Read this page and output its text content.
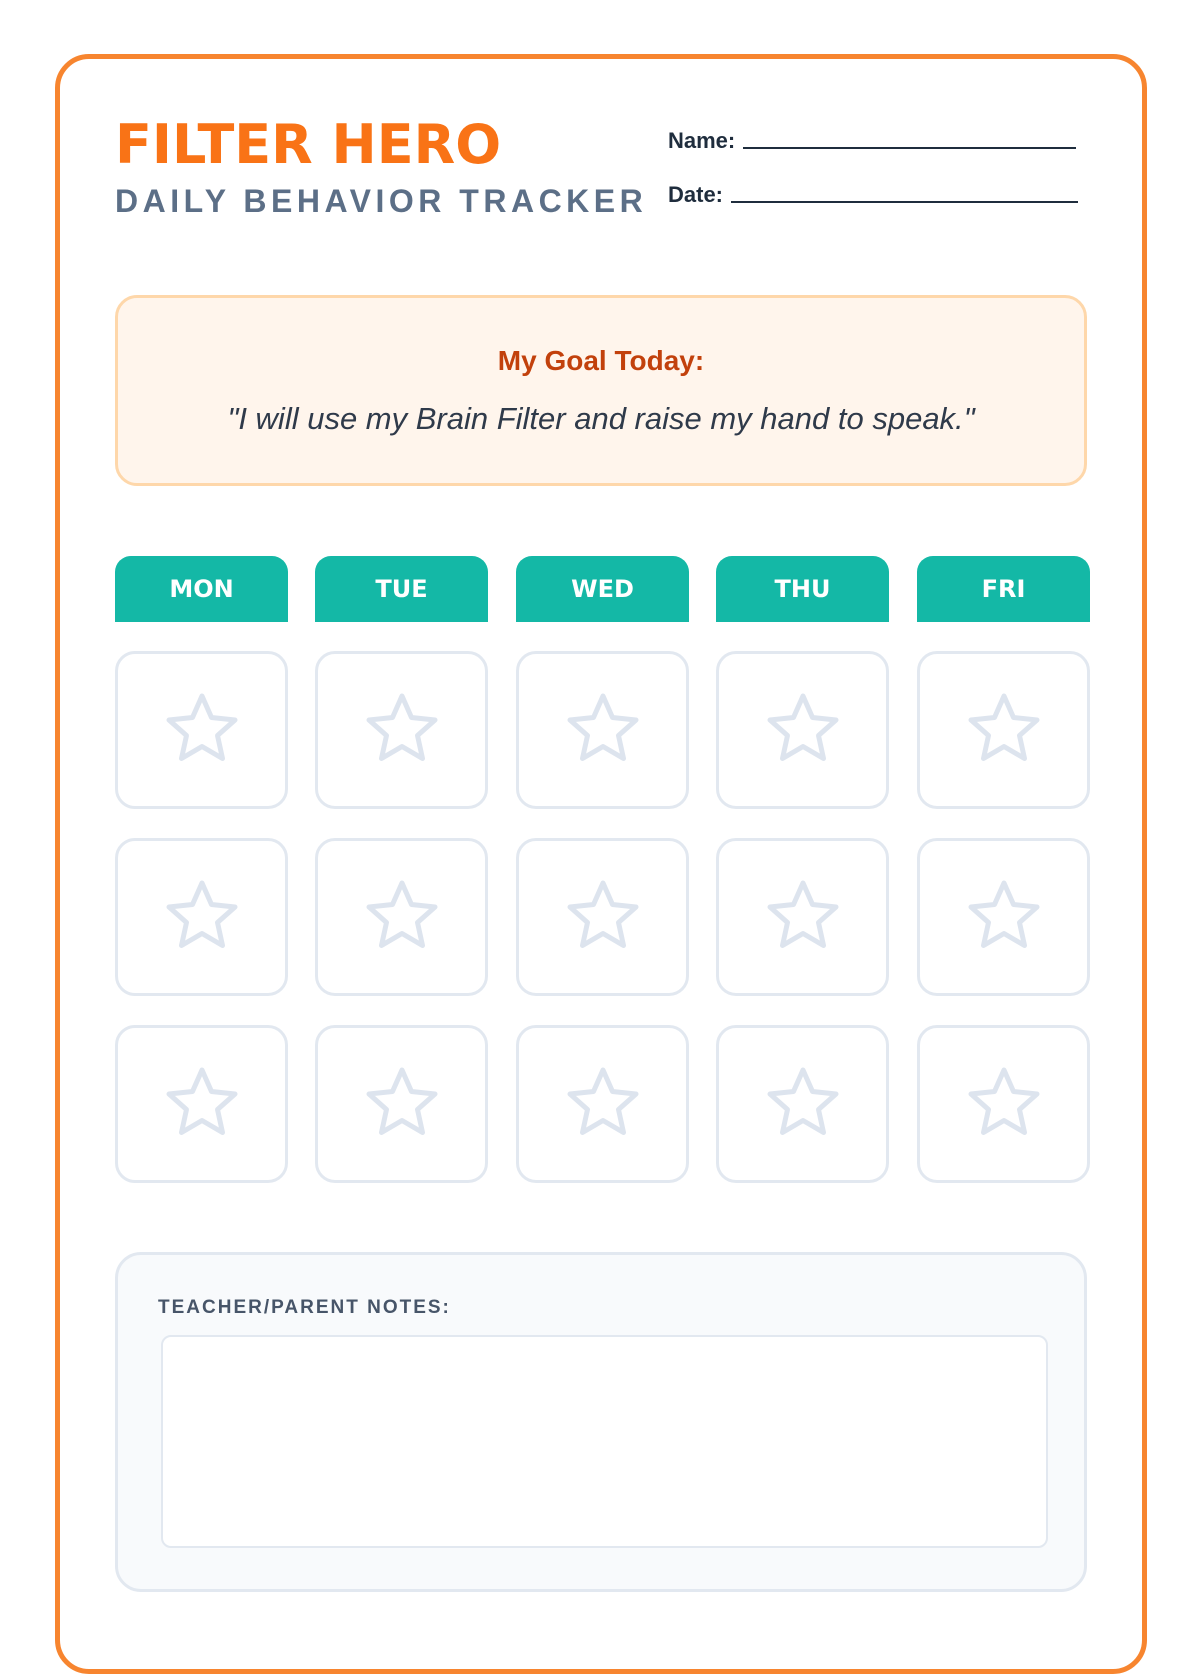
FILTER HERO
DAILY BEHAVIOR TRACKER
Name:
Date:
My Goal Today:
"I will use my Brain Filter and raise my hand to speak."
MON	TUE	WED	THU	FRI
TEACHER/PARENT NOTES:
